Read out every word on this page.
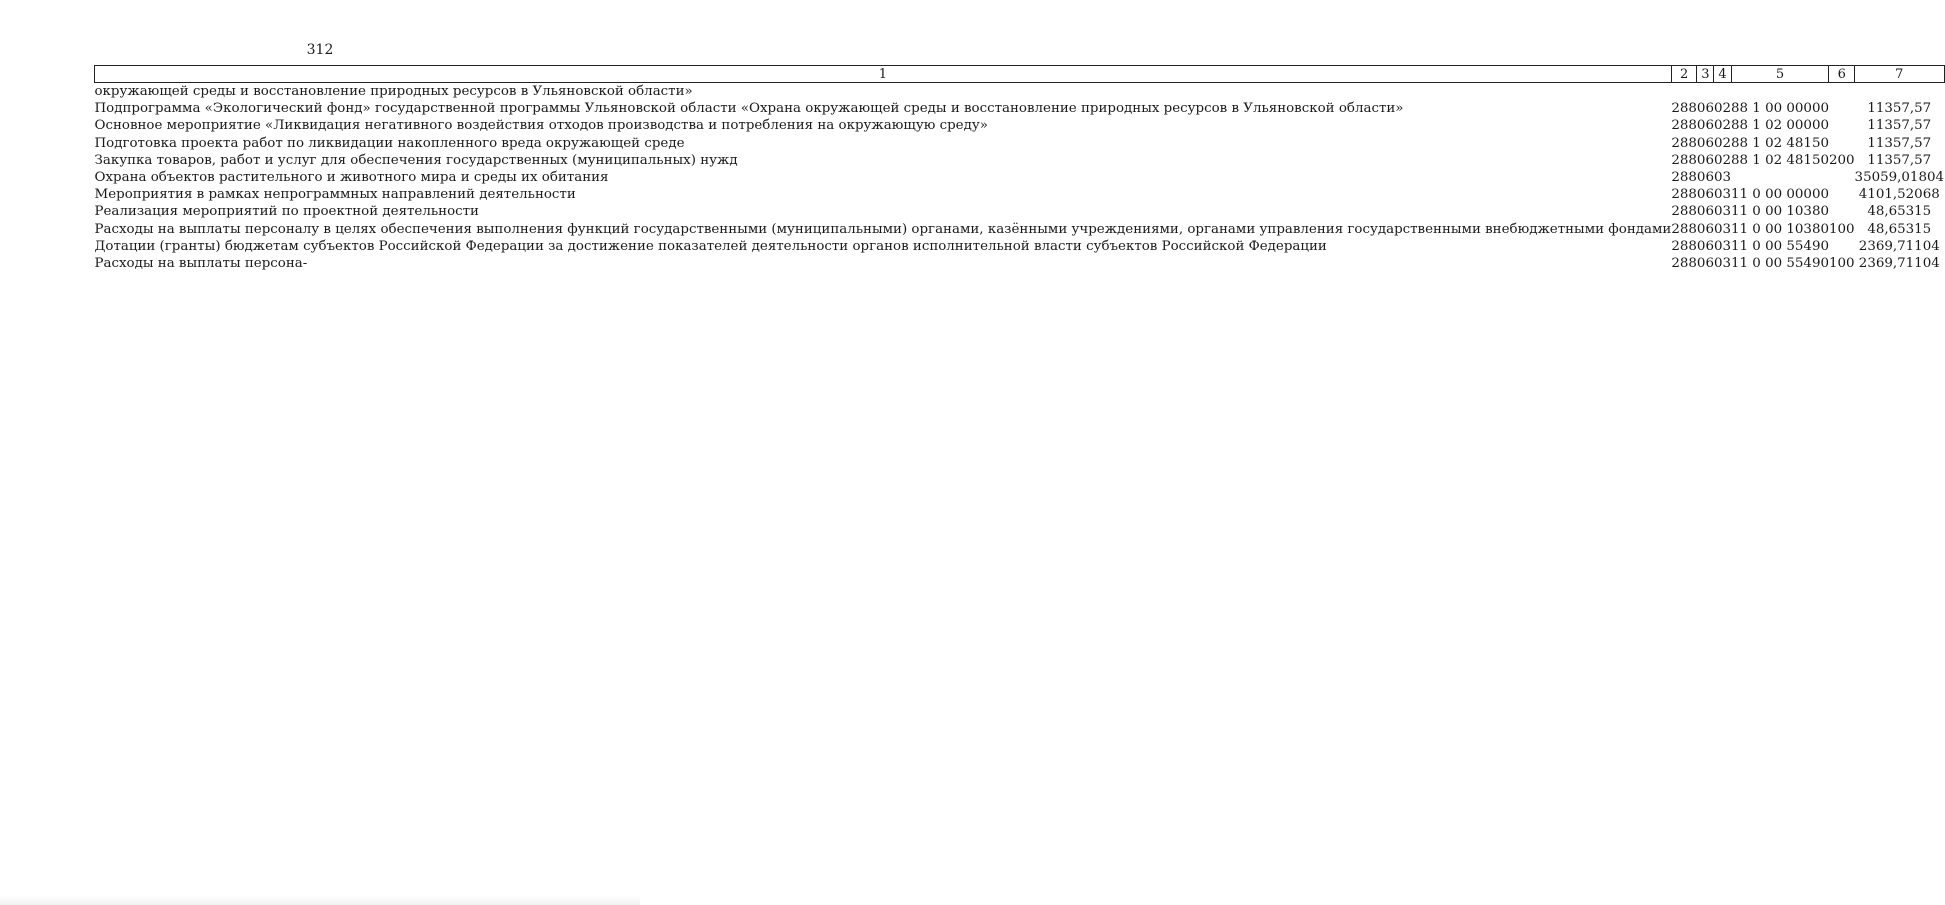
312
1	2	3	4	5	6	7
окружающей среды и восстановление природных ресурсов в Ульяновской области»						
Подпрограмма «Экологический фонд» государственной программы Ульяновской области «Охрана окружающей среды и восстановление природных ресурсов в Ульяновской области»	288	06	02	88 1 00 00000		11357,57
Основное мероприятие «Ликвидация негативного воздействия отходов производства и потребления на окружающую среду»	288	06	02	88 1 02 00000		11357,57
Подготовка проекта работ по ликвидации накопленного вреда окружающей среде	288	06	02	88 1 02 48150		11357,57
Закупка товаров, работ и услуг для обеспечения государственных (муниципальных) нужд	288	06	02	88 1 02 48150	200	11357,57
Охрана объектов растительного и животного мира и среды их обитания	288	06	03			35059,01804
Мероприятия в рамках непрограммных направлений деятельности	288	06	03	11 0 00 00000		4101,52068
Реализация мероприятий по проектной деятельности	288	06	03	11 0 00 10380		48,65315
Расходы на выплаты персоналу в целях обеспечения выполнения функций государственными (муниципальными) органами, казёнными учреждениями, органами управления государственными внебюджетными фондами	288	06	03	11 0 00 10380	100	48,65315
Дотации (гранты) бюджетам субъектов Российской Федерации за достижение показателей деятельности органов исполнительной власти субъектов Российской Федерации	288	06	03	11 0 00 55490		2369,71104
Расходы на выплаты персона-	288	06	03	11 0 00 55490	100	2369,71104
